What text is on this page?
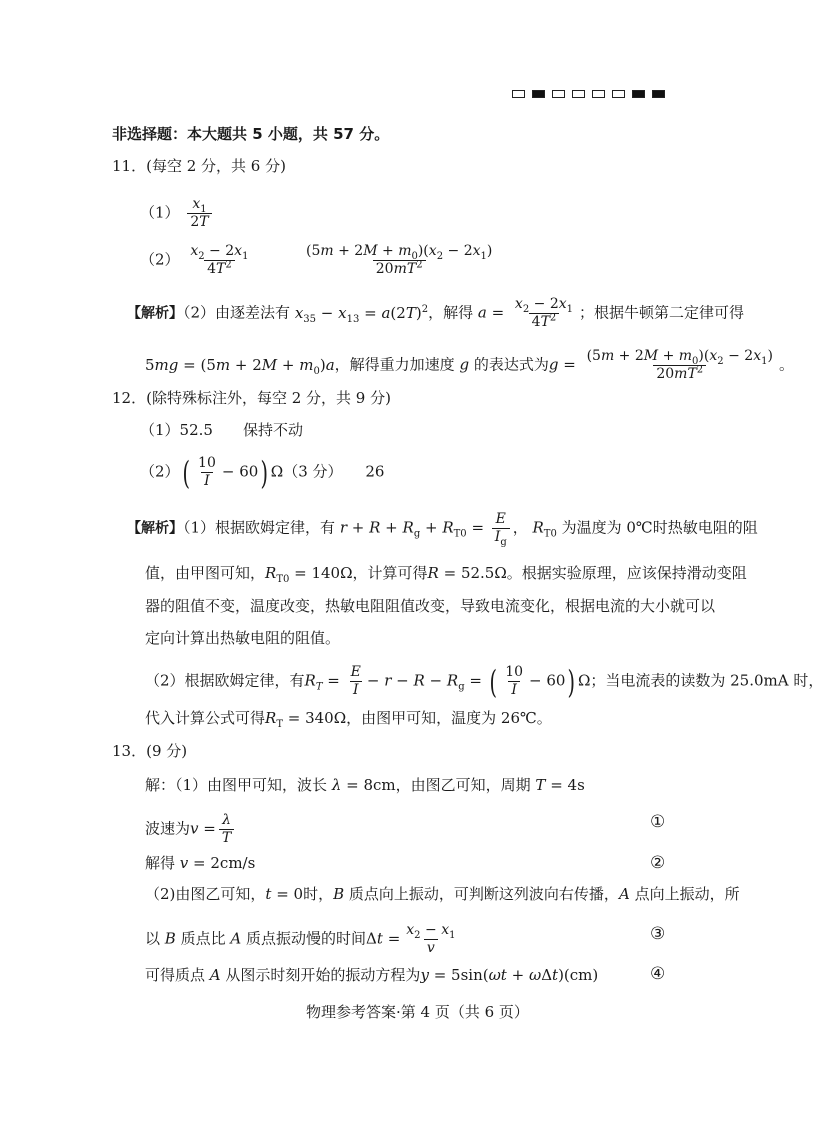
非选择题：本大题共 5 小题，共 57 分。
11．(每空 2 分，共 6 分)
$(1) \frac{x_1}{2T}$
$(2) \frac{x_2 - 2x_1}{4T^2}$
	$\frac{(5m + 2M + m_0)(x_2 - 2x_1)}{20mT^2}$
【解析】（2）由逐差法有 $x_{35} - x_{13} = a(2T)^2$，解得 $a = \frac{x_2 - 2x_1}{4T^2}$ ；根据牛顿第二定律可得
$5mg = (5m + 2M + m_0)a$，解得重力加速度 g 的表达式为$g = \frac{(5m + 2M + m_0)(x_2 - 2x_1)}{20mT^2}$ 。
12．(除特殊标注外，每空 2 分，共 9 分)
（1）52.5　　保持不动
$(2)( \frac{10}{I} - 60)$ Ω（3 分） 26
【解析】（1）根据欧姆定律，有 $r + R + R_g + R_{T0} = \frac{E}{I_g}$ ， $R_{T0}$ 为温度为 0℃时热敏电阻的阻
值，由甲图可知，$R_{T0} = 140\Omega$，计算可得R = 52.5Ω。根据实验原理，应该保持滑动变阻
器的阻值不变，温度改变，热敏电阻阻值改变，导致电流变化，根据电流的大小就可以
定向计算出热敏电阻的阻值。
（2）根据欧姆定律，有$R_T = \frac{E}{I} - r - R - R_g$ = ( $\frac{10}{I} - 60$) Ω；当电流表的读数为 25.0mA 时，
代入计算公式可得$R_T = 340\Omega$，由图甲可知，温度为 26℃。
13．(9 分)
解：（1）由图甲可知，波长 λ = 8cm，由图乙可知，周期 T = 4s
波速为$v = \frac{\lambda}{T}$	①
解得 v = 2cm/s	②
（2)由图乙可知，t = 0时，B 质点向上振动，可判断这列波向右传播，A 点向上振动，所
以 B 质点比 A 质点振动慢的时间$\Delta t = \frac{x_2 - x_1}{v}$	③
可得质点 A 从图示时刻开始的振动方程为y = 5sin(ωt + ωΔt)(cm)	④
物理参考答案·第 4 页（共 6 页）
